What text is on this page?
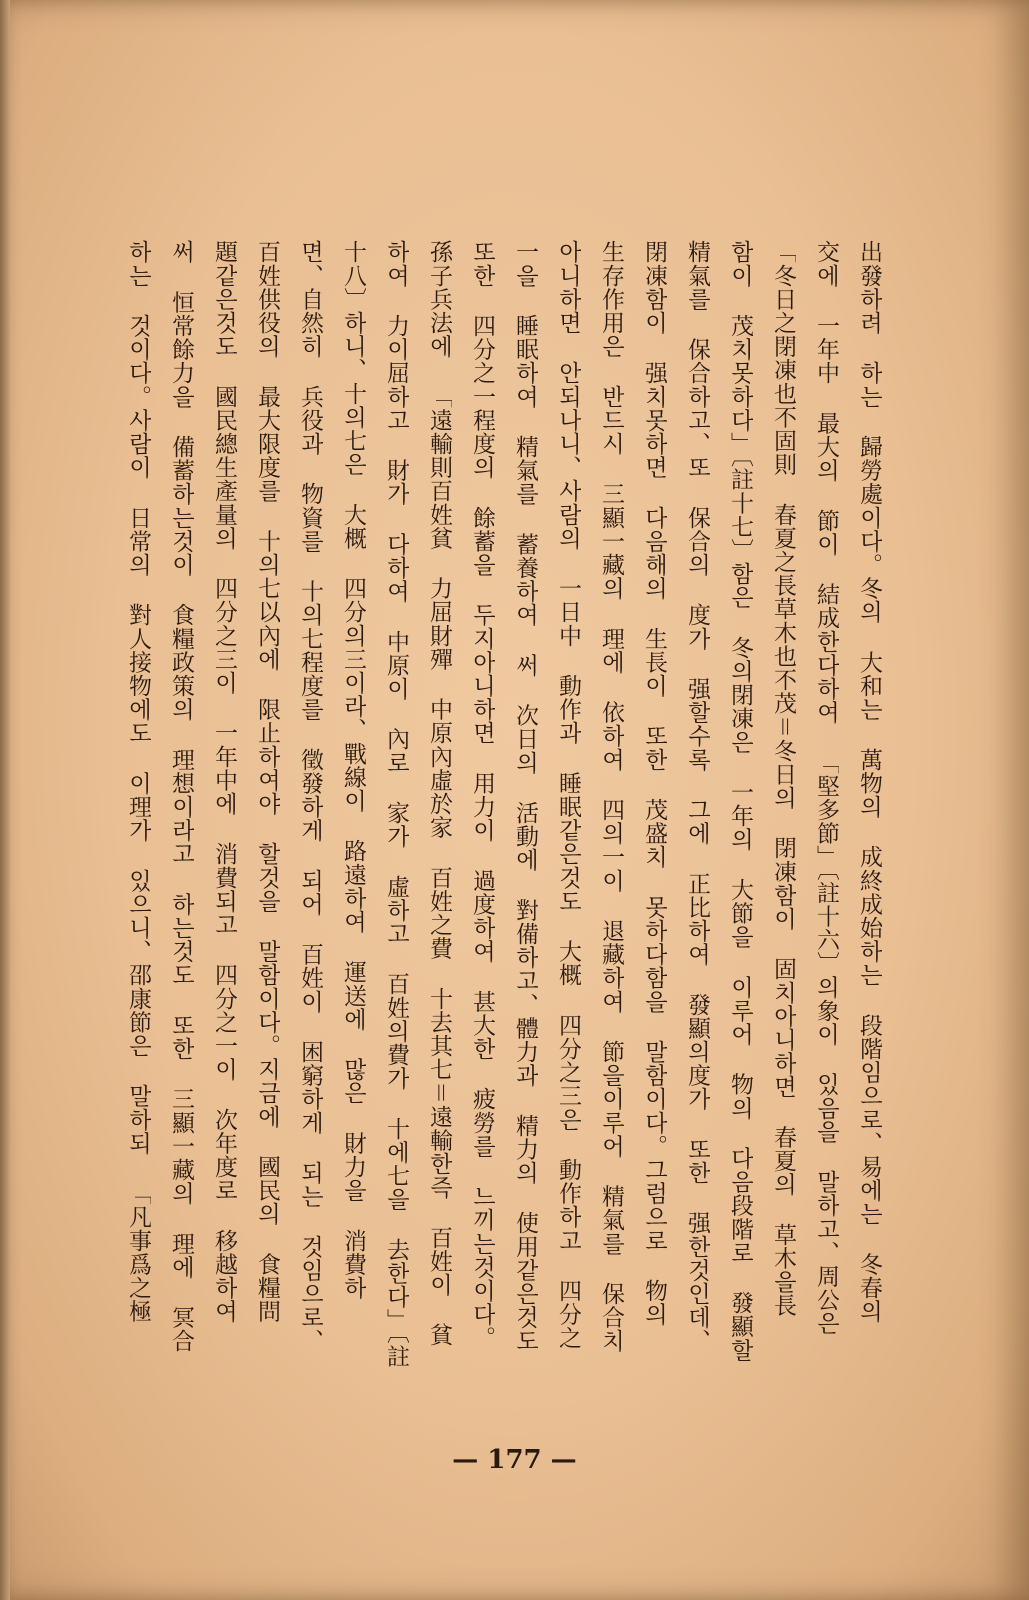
出發하려 하는 歸勞處이다。冬의 大和는 萬物의 成終成始하는 段階임으로、易에는 冬春의
交에 一年中 最大의 節이 結成한다하여 「堅多節」〔註十六〕의象이 있음을 말하고、周公은
「冬日之閉凍也不固則 春夏之長草木也不茂＝冬日의 閉凍함이 固치아니하면 春夏의 草木을長
함이 茂치못하다」〔註十七〕함은 冬의閉凍은 一年의 大節을 이루어 物의 다음段階로 發顯할
精氣를 保合하고、또 保合의 度가 强할수록 그에 正比하여 發顯의度가 또한 强한것인데、
閉凍함이 强치못하면 다음해의 生長이 또한 茂盛치 못하다함을 말함이다。그럼으로 物의
生存作用은 반드시 三顯一藏의 理에 依하여 四의一이 退藏하여 節을이루어 精氣를 保合치
아니하면 안되나니、사람의 一日中 動作과 睡眠같은것도 大概 四分之三은 動作하고 四分之
一을 睡眠하여 精氣를 蓄養하여 써 次日의 活動에 對備하고、體力과 精力의 使用같은것도
또한 四分之一程度의 餘蓄을 두지아니하면 用力이 過度하여 甚大한 疲勞를 느끼는것이다。
孫子兵法에 「遠輸則百姓貧 力屈財殫 中原內虛於家 百姓之費 十去其七＝遠輸한즉 百姓이 貧
하여 力이屈하고 財가 다하여 中原이 內로 家가 虛하고 百姓의費가 十에七을 去한다」〔註
十八〕하니、十의七은 大概 四分의三이라、戰線이 路遠하여 運送에 많은 財力을 消費하
면、自然히 兵役과 物資를 十의七程度를 徵發하게 되어 百姓이 困窮하게 되는 것임으로、
百姓供役의 最大限度를 十의七以內에 限止하여야 할것을 말함이다。지금에 國民의 食糧問
題같은것도 國民總生產量의 四分之三이 一年中에 消費되고 四分之一이 次年度로 移越하여
써 恒常餘力을 備蓄하는것이 食糧政策의 理想이라고 하는것도 또한 三顯一藏의 理에 冥合
하는 것이다。사람이 日常의 對人接物에도 이理가 있으니、邵康節은 말하되 「凡事爲之極
— 177 —
